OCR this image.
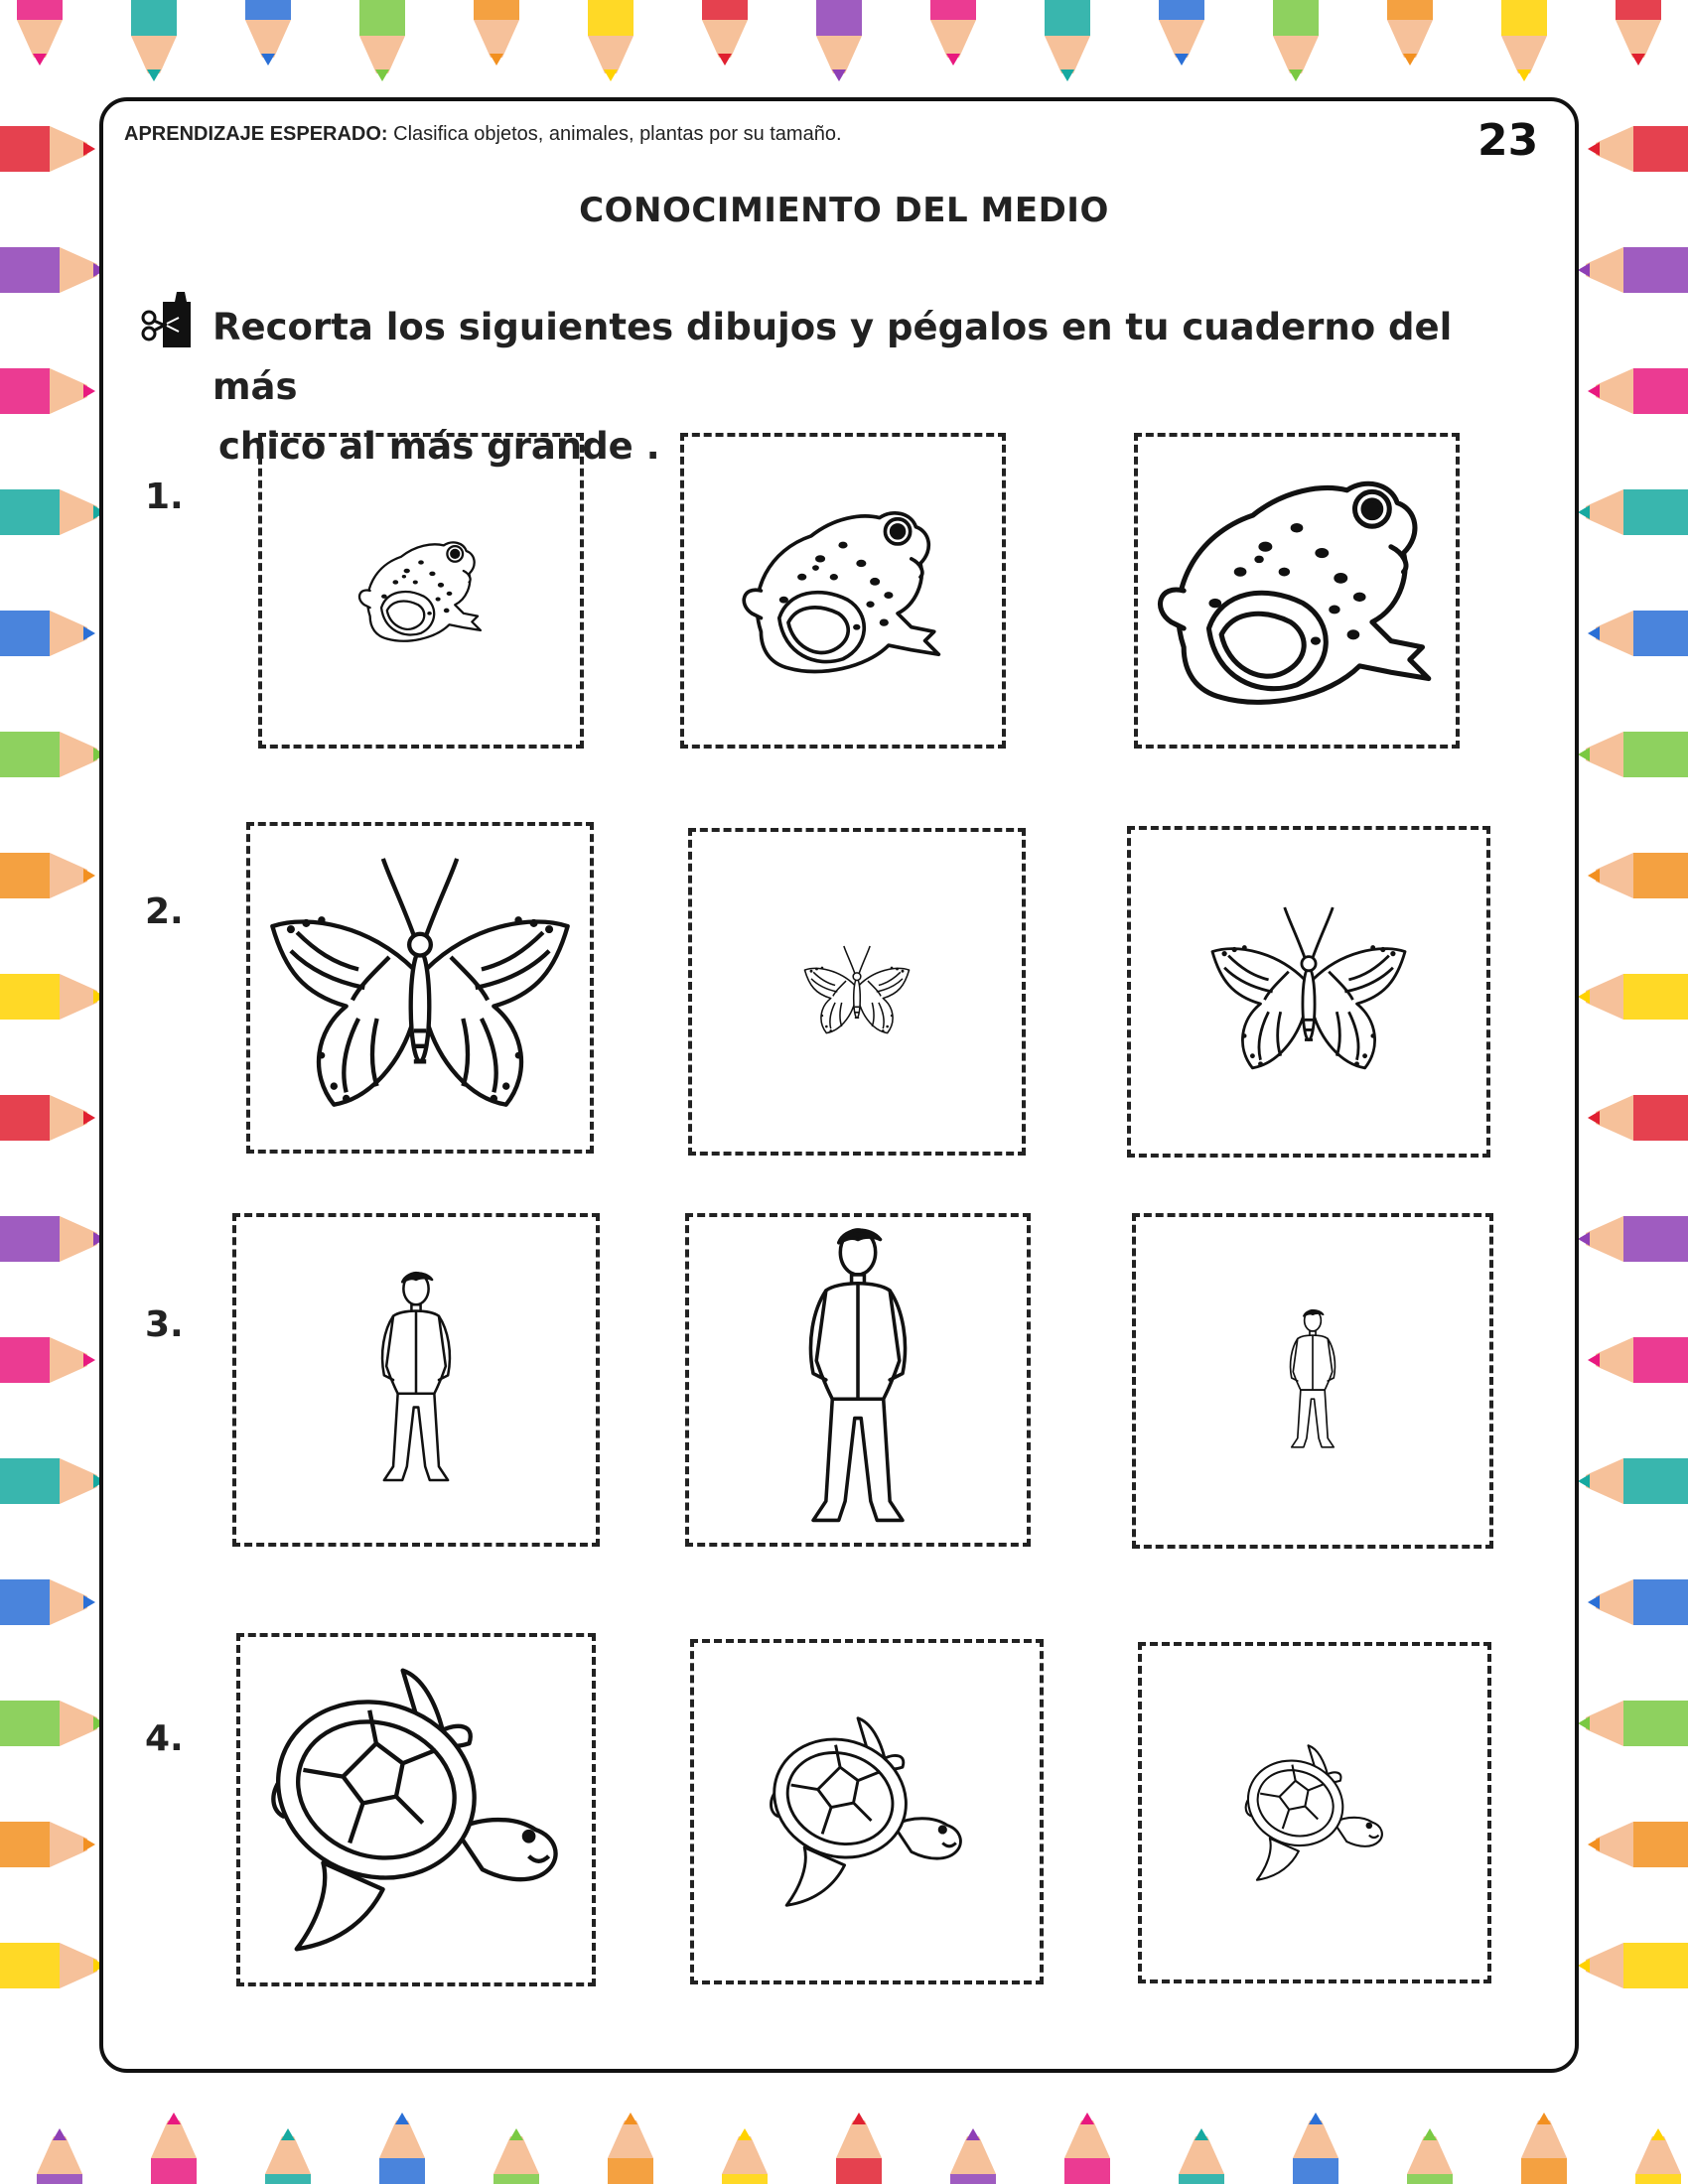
APRENDIZAJE ESPERADO: Clasifica objetos, animales, plantas por su tamaño.	23
CONOCIMIENTO DEL MEDIO
Recorta los siguientes dibujos y pégalos en tu cuaderno del más
chico al más grande .
1.
2.
3.
4.
